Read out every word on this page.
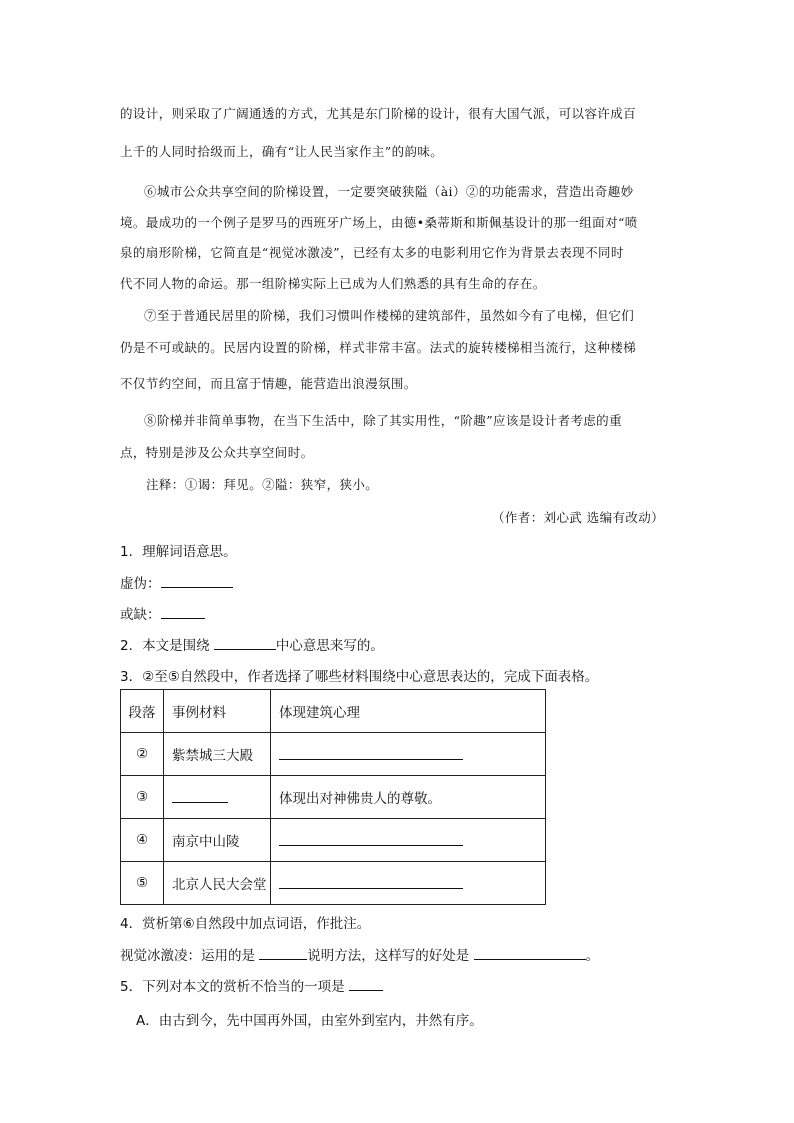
的设计，则采取了广阔通透的方式，尤其是东门阶梯的设计，很有大国气派，可以容许成百
上千的人同时拾级而上，确有“让人民当家作主”的韵味。
⑥城市公众共享空间的阶梯设置，一定要突破狭隘（ài）②的功能需求，营造出奇趣妙
境。最成功的一个例子是罗马的西班牙广场上，由德•桑蒂斯和斯佩基设计的那一组面对“喷
泉的扇形阶梯，它简直是“视觉冰激凌”，已经有太多的电影利用它作为背景去表现不同时
代不同人物的命运。那一组阶梯实际上已成为人们熟悉的具有生命的存在。
⑦至于普通民居里的阶梯，我们习惯叫作楼梯的建筑部件，虽然如今有了电梯，但它们
仍是不可或缺的。民居内设置的阶梯，样式非常丰富。法式的旋转楼梯相当流行，这种楼梯
不仅节约空间，而且富于情趣，能营造出浪漫氛围。
⑧阶梯并非简单事物，在当下生活中，除了其实用性，“阶趣”应该是设计者考虑的重
点，特别是涉及公众共享空间时。
注释：①谒：拜见。②隘：狭窄，狭小。
（作者：刘心武 选编有改动）
1．理解词语意思。
虚伪：
或缺：
2．本文是围绕	中心意思来写的。
3．②至⑤自然段中，作者选择了哪些材料围绕中心意思表达的，完成下面表格。
段落	事例材料	体现建筑心理
②	紫禁城三大殿	
③		体现出对神佛贵人的尊敬。
④	南京中山陵	
⑤	北京人民大会堂	
4．赏析第⑥自然段中加点词语，作批注。
视觉冰激凌：运用的是	说明方法，这样写的好处是	。
5．下列对本文的赏析不恰当的一项是
A．由古到今，先中国再外国，由室外到室内，井然有序。
